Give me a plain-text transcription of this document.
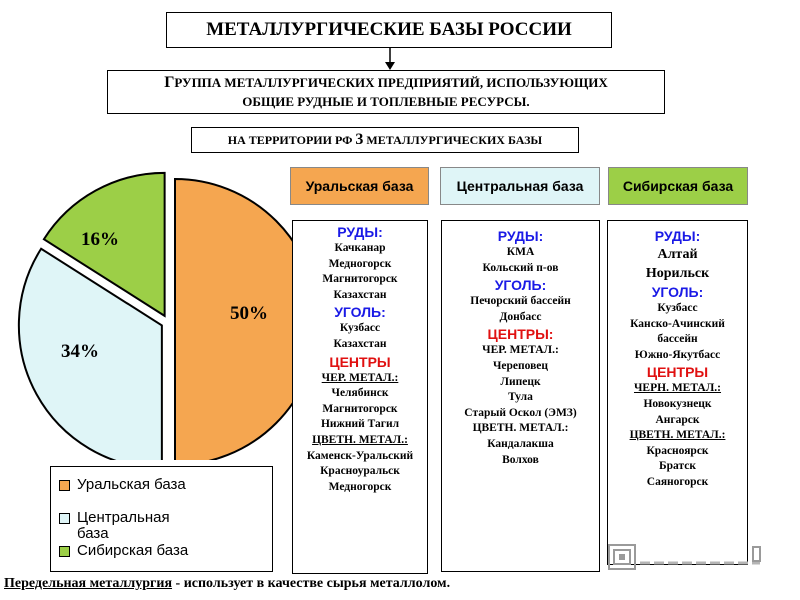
МЕТАЛЛУРГИЧЕСКИЕ БАЗЫ РОССИИ
ГРУППА МЕТАЛЛУРГИЧЕСКИХ ПРЕДПРИЯТИЙ, ИСПОЛЬЗУЮЩИХ
ОБЩИЕ РУДНЫЕ И ТОПЛЕВНЫЕ РЕСУРСЫ.
НА ТЕРРИТОРИИ РФ
3
МЕТАЛЛУРГИЧЕСКИХ БАЗЫ
Уральская база	Центральная база	Сибирская база
50%
34%
16%
Уральская база
Центральная
база
Сибирская база
РУДЫ:
Качканар
Медногорск
Магнитогорск
Казахстан
УГОЛЬ:
Кузбасс
Казахстан
ЦЕНТРЫ
ЧЕР. МЕТАЛ.:
Челябинск
Магнитогорск
Нижний Тагил
ЦВЕТН. МЕТАЛ.:
Каменск-Уральский
Красноуральск
Медногорск
РУДЫ:
КМА
Кольский п-ов
УГОЛЬ:
Печорский бассейн
Донбасс
ЦЕНТРЫ:
ЧЕР. МЕТАЛ.:
Череповец
Липецк
Тула
Старый Оскол (ЭМЗ)
ЦВЕТН. МЕТАЛ.:
Кандалакша
Волхов
РУДЫ:
Алтай
Норильск
УГОЛЬ:
Кузбасс
Канско-Ачинский
бассейн
Южно-Якутбасс
ЦЕНТРЫ
ЧЕРН. МЕТАЛ.:
Новокузнецк
Ангарск
ЦВЕТН. МЕТАЛ.:
Красноярск
Братск
Саяногорск
Передельная металлургия - использует в качестве сырья металлолом.
